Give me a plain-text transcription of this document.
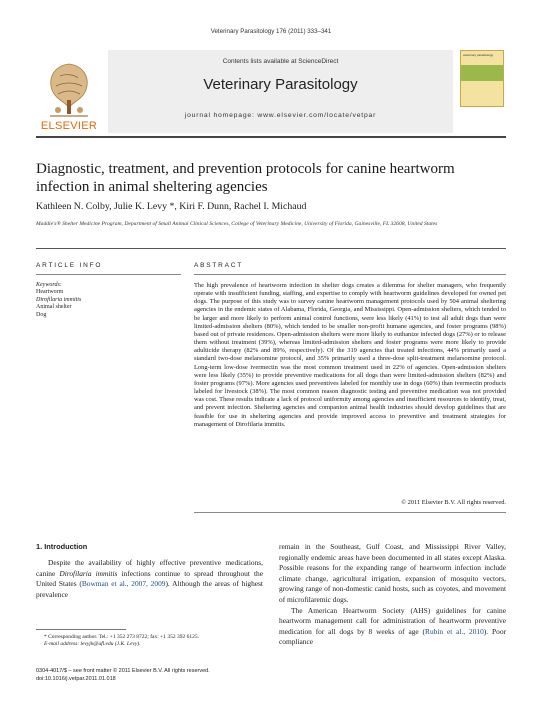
Veterinary Parasitology 176 (2011) 333–341
ELSEVIER
Contents lists available at ScienceDirect
Veterinary Parasitology
journal homepage: www.elsevier.com/locate/vetpar
veterinary parasitology
Diagnostic, treatment, and prevention protocols for canine heartworm infection in animal sheltering agencies
Kathleen N. Colby, Julie K. Levy *, Kiri F. Dunn, Rachel I. Michaud
Maddie's® Shelter Medicine Program, Department of Small Animal Clinical Sciences, College of Veterinary Medicine, University of Florida, Gainesville, FL 32608, United States
ARTICLE INFO	ABSTRACT
Keywords:
Heartworm
Dirofilaria immitis
Animal shelter
Dog
The high prevalence of heartworm infection in shelter dogs creates a dilemma for shelter managers, who frequently operate with insufficient funding, staffing, and expertise to comply with heartworm guidelines developed for owned pet dogs. The purpose of this study was to survey canine heartworm management protocols used by 504 animal sheltering agencies in the endemic states of Alabama, Florida, Georgia, and Mississippi. Open-admission shelters, which tended to be larger and more likely to perform animal control functions, were less likely (41%) to test all adult dogs than were limited-admission shelters (80%), which tended to be smaller non-profit humane agencies, and foster programs (98%) based out of private residences. Open-admission shelters were more likely to euthanize infected dogs (27%) or to release them without treatment (39%), whereas limited-admission shelters and foster programs were more likely to provide adulticide therapy (82% and 89%, respectively). Of the 319 agencies that treated infections, 44% primarily used a standard two-dose melarsomine protocol, and 35% primarily used a three-dose split-treatment melarsomine protocol. Long-term low-dose ivermectin was the most common treatment used in 22% of agencies. Open-admission shelters were less likely (35%) to provide preventive medications for all dogs than were limited-admission shelters (82%) and foster programs (97%). More agencies used preventives labeled for monthly use in dogs (60%) than ivermectin products labeled for livestock (38%). The most common reason diagnostic testing and preventive medication was not provided was cost. These results indicate a lack of protocol uniformity among agencies and insufficient resources to identify, treat, and prevent infection. Sheltering agencies and companion animal health industries should develop guidelines that are feasible for use in sheltering agencies and provide improved access to preventive and treatment strategies for management of Dirofilaria immitis.
© 2011 Elsevier B.V. All rights reserved.
1. Introduction

Despite the availability of highly effective preventive medications, canine Dirofilaria immitis infections continue to spread throughout the United States (Bowman et al., 2007, 2009). Although the areas of highest prevalence

remain in the Southeast, Gulf Coast, and Mississippi River Valley, regionally endemic areas have been documented in all states except Alaska. Possible reasons for the expanding range of heartworm infection include climate change, agricultural irrigation, expansion of mosquito vectors, growing range of non-domestic canid hosts, such as coyotes, and movement of microfilaremic dogs.

The American Heartworm Society (AHS) guidelines for canine heartworm management call for administration of heartworm preventive medication for all dogs by 8 weeks of age (Rubin et al., 2010). Poor compliance

* Corresponding author. Tel.: +1 352 273 8722; fax: +1 352 392 6125.
E-mail address: levyjk@ufl.edu (J.K. Levy).
0304-4017/$ – see front matter © 2011 Elsevier B.V. All rights reserved.
doi:10.1016/j.vetpar.2011.01.018
